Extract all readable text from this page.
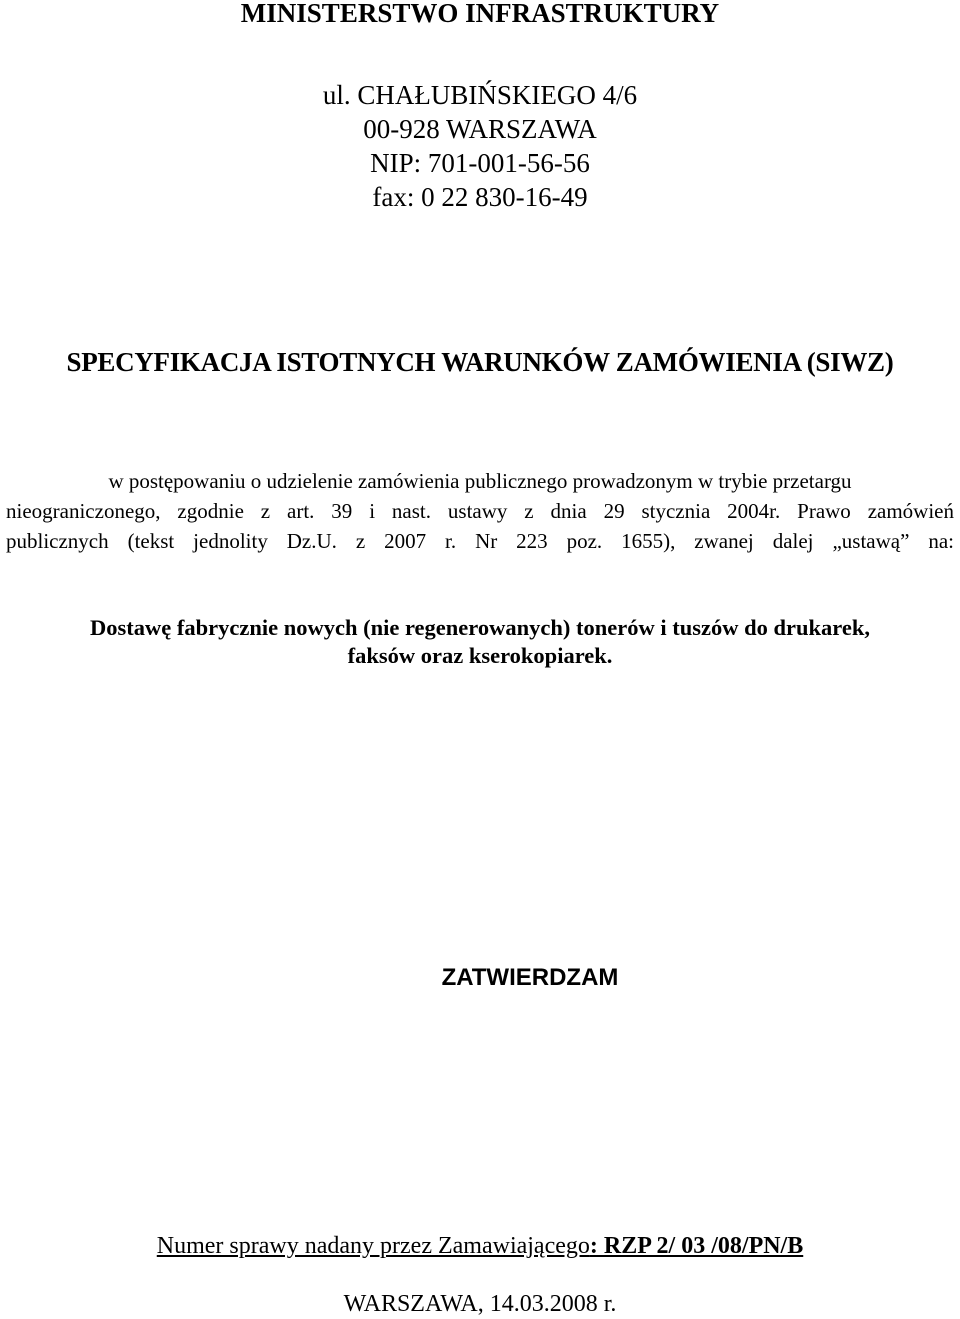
MINISTERSTWO INFRASTRUKTURY
ul. CHAŁUBIŃSKIEGO 4/6
00-928 WARSZAWA
NIP: 701-001-56-56
fax: 0 22 830-16-49
SPECYFIKACJA ISTOTNYCH WARUNKÓW ZAMÓWIENIA (SIWZ)
w postępowaniu o udzielenie zamówienia publicznego prowadzonym w trybie przetargu
nieograniczonego, zgodnie z art. 39 i nast. ustawy z dnia 29 stycznia 2004r. Prawo zamówień
publicznych (tekst jednolity Dz.U. z 2007 r. Nr 223 poz. 1655), zwanej dalej „ustawą” na:
Dostawę fabrycznie nowych (nie regenerowanych) tonerów i tuszów do drukarek,
faksów oraz kserokopiarek.
ZATWIERDZAM
Numer sprawy nadany przez Zamawiającego: RZP 2/ 03 /08/PN/B
WARSZAWA, 14.03.2008 r.
